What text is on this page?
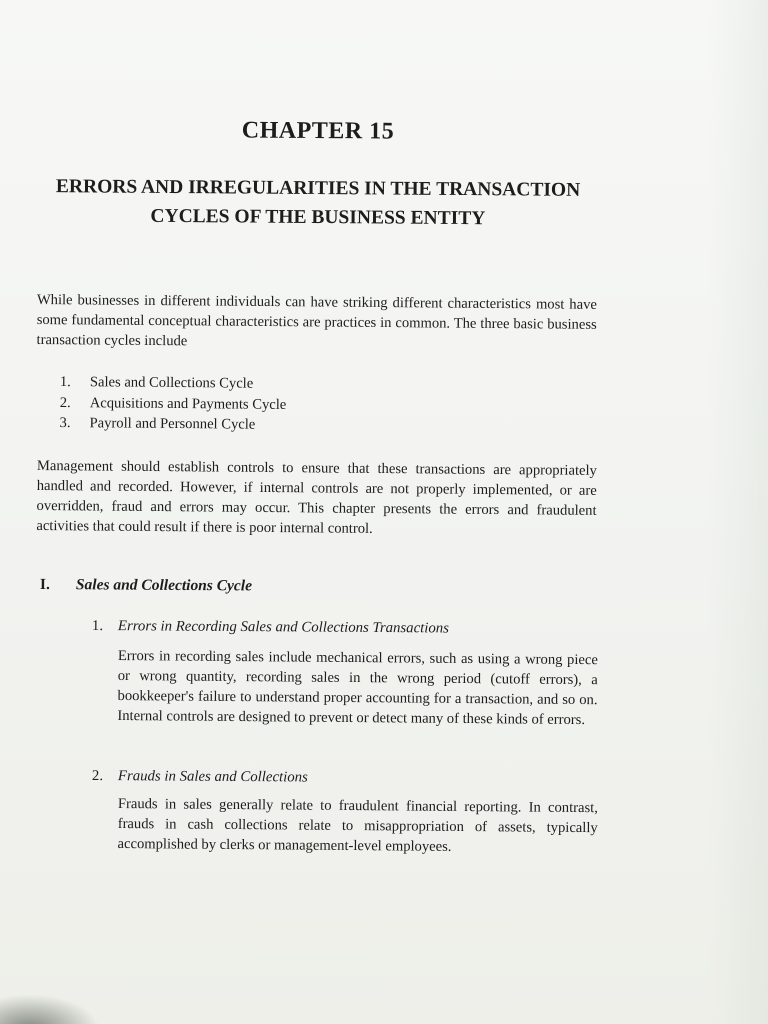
CHAPTER 15
ERRORS AND IRREGULARITIES IN THE TRANSACTION CYCLES OF THE BUSINESS ENTITY

While businesses in different individuals can have striking different characteristics most have some fundamental conceptual characteristics are practices in common. The three basic business transaction cycles include

1. Sales and Collections Cycle
2. Acquisitions and Payments Cycle
3. Payroll and Personnel Cycle

Management should establish controls to ensure that these transactions are appropriately handled and recorded. However, if internal controls are not properly implemented, or are overridden, fraud and errors may occur. This chapter presents the errors and fraudulent activities that could result if there is poor internal control.

I. Sales and Collections Cycle
1. Errors in Recording Sales and Collections Transactions

Errors in recording sales include mechanical errors, such as using a wrong piece or wrong quantity, recording sales in the wrong period (cutoff errors), a bookkeeper's failure to understand proper accounting for a transaction, and so on. Internal controls are designed to prevent or detect many of these kinds of errors.

2. Frauds in Sales and Collections

Frauds in sales generally relate to fraudulent financial reporting. In contrast, frauds in cash collections relate to misappropriation of assets, typically accomplished by clerks or management-level employees.
